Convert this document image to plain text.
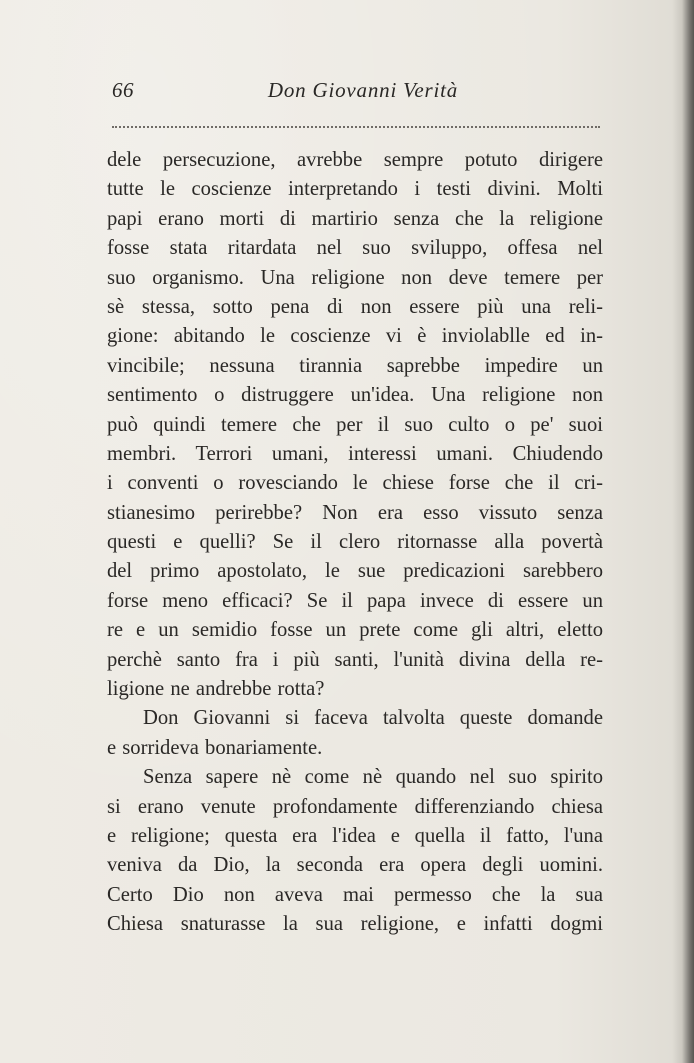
66	Don Giovanni Verità
dele persecuzione, avrebbe sempre potuto dirigere
tutte le coscienze interpretando i testi divini. Molti
papi erano morti di martirio senza che la religione
fosse stata ritardata nel suo sviluppo, offesa nel
suo organismo. Una religione non deve temere per
sè stessa, sotto pena di non essere più una reli-
gione: abitando le coscienze vi è inviolablle ed in-
vincibile; nessuna tirannia saprebbe impedire un
sentimento o distruggere un'idea. Una religione non
può quindi temere che per il suo culto o pe' suoi
membri. Terrori umani, interessi umani. Chiudendo
i conventi o rovesciando le chiese forse che il cri-
stianesimo perirebbe? Non era esso vissuto senza
questi e quelli? Se il clero ritornasse alla povertà
del primo apostolato, le sue predicazioni sarebbero
forse meno efficaci? Se il papa invece di essere un
re e un semidio fosse un prete come gli altri, eletto
perchè santo fra i più santi, l'unità divina della re-
ligione ne andrebbe rotta?
Don Giovanni si faceva talvolta queste domande
e sorrideva bonariamente.
Senza sapere nè come nè quando nel suo spirito
si erano venute profondamente differenziando chiesa
e religione; questa era l'idea e quella il fatto, l'una
veniva da Dio, la seconda era opera degli uomini.
Certo Dio non aveva mai permesso che la sua
Chiesa snaturasse la sua religione, e infatti dogmi
